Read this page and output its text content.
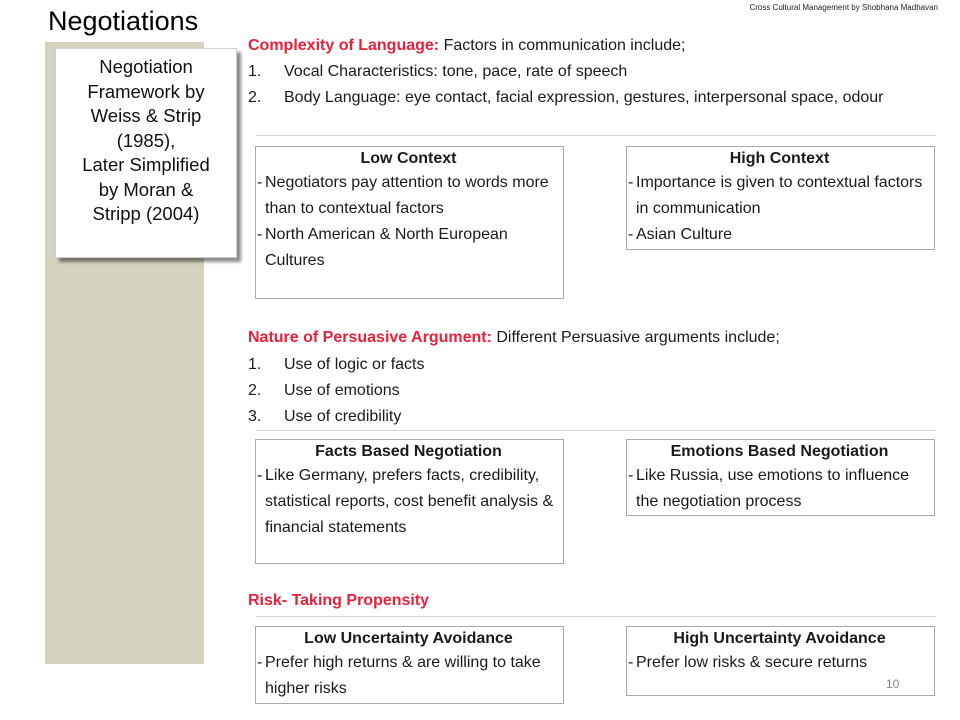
Negotiations	Cross Cultural Management by Shobhana Madhavan
Negotiation
Framework by
Weiss & Strip
(1985),
Later Simplified
by Moran &
Stripp (2004)
Complexity of Language: Factors in communication include;
1. Vocal Characteristics: tone, pace, rate of speech
2. Body Language: eye contact, facial expression, gestures, interpersonal space, odour
Low Context
- Negotiators pay attention to words more than to contextual factors
- North American & North European Cultures
High Context
- Importance is given to contextual factors in communication
- Asian Culture
Nature of Persuasive Argument: Different Persuasive arguments include;
1. Use of logic or facts
2. Use of emotions
3. Use of credibility
Facts Based Negotiation
- Like Germany, prefers facts, credibility, statistical reports, cost benefit analysis & financial statements
Emotions Based Negotiation
- Like Russia, use emotions to influence the negotiation process
Risk- Taking Propensity
Low Uncertainty Avoidance
- Prefer high returns & are willing to take higher risks
High Uncertainty Avoidance
- Prefer low risks & secure returns
10
